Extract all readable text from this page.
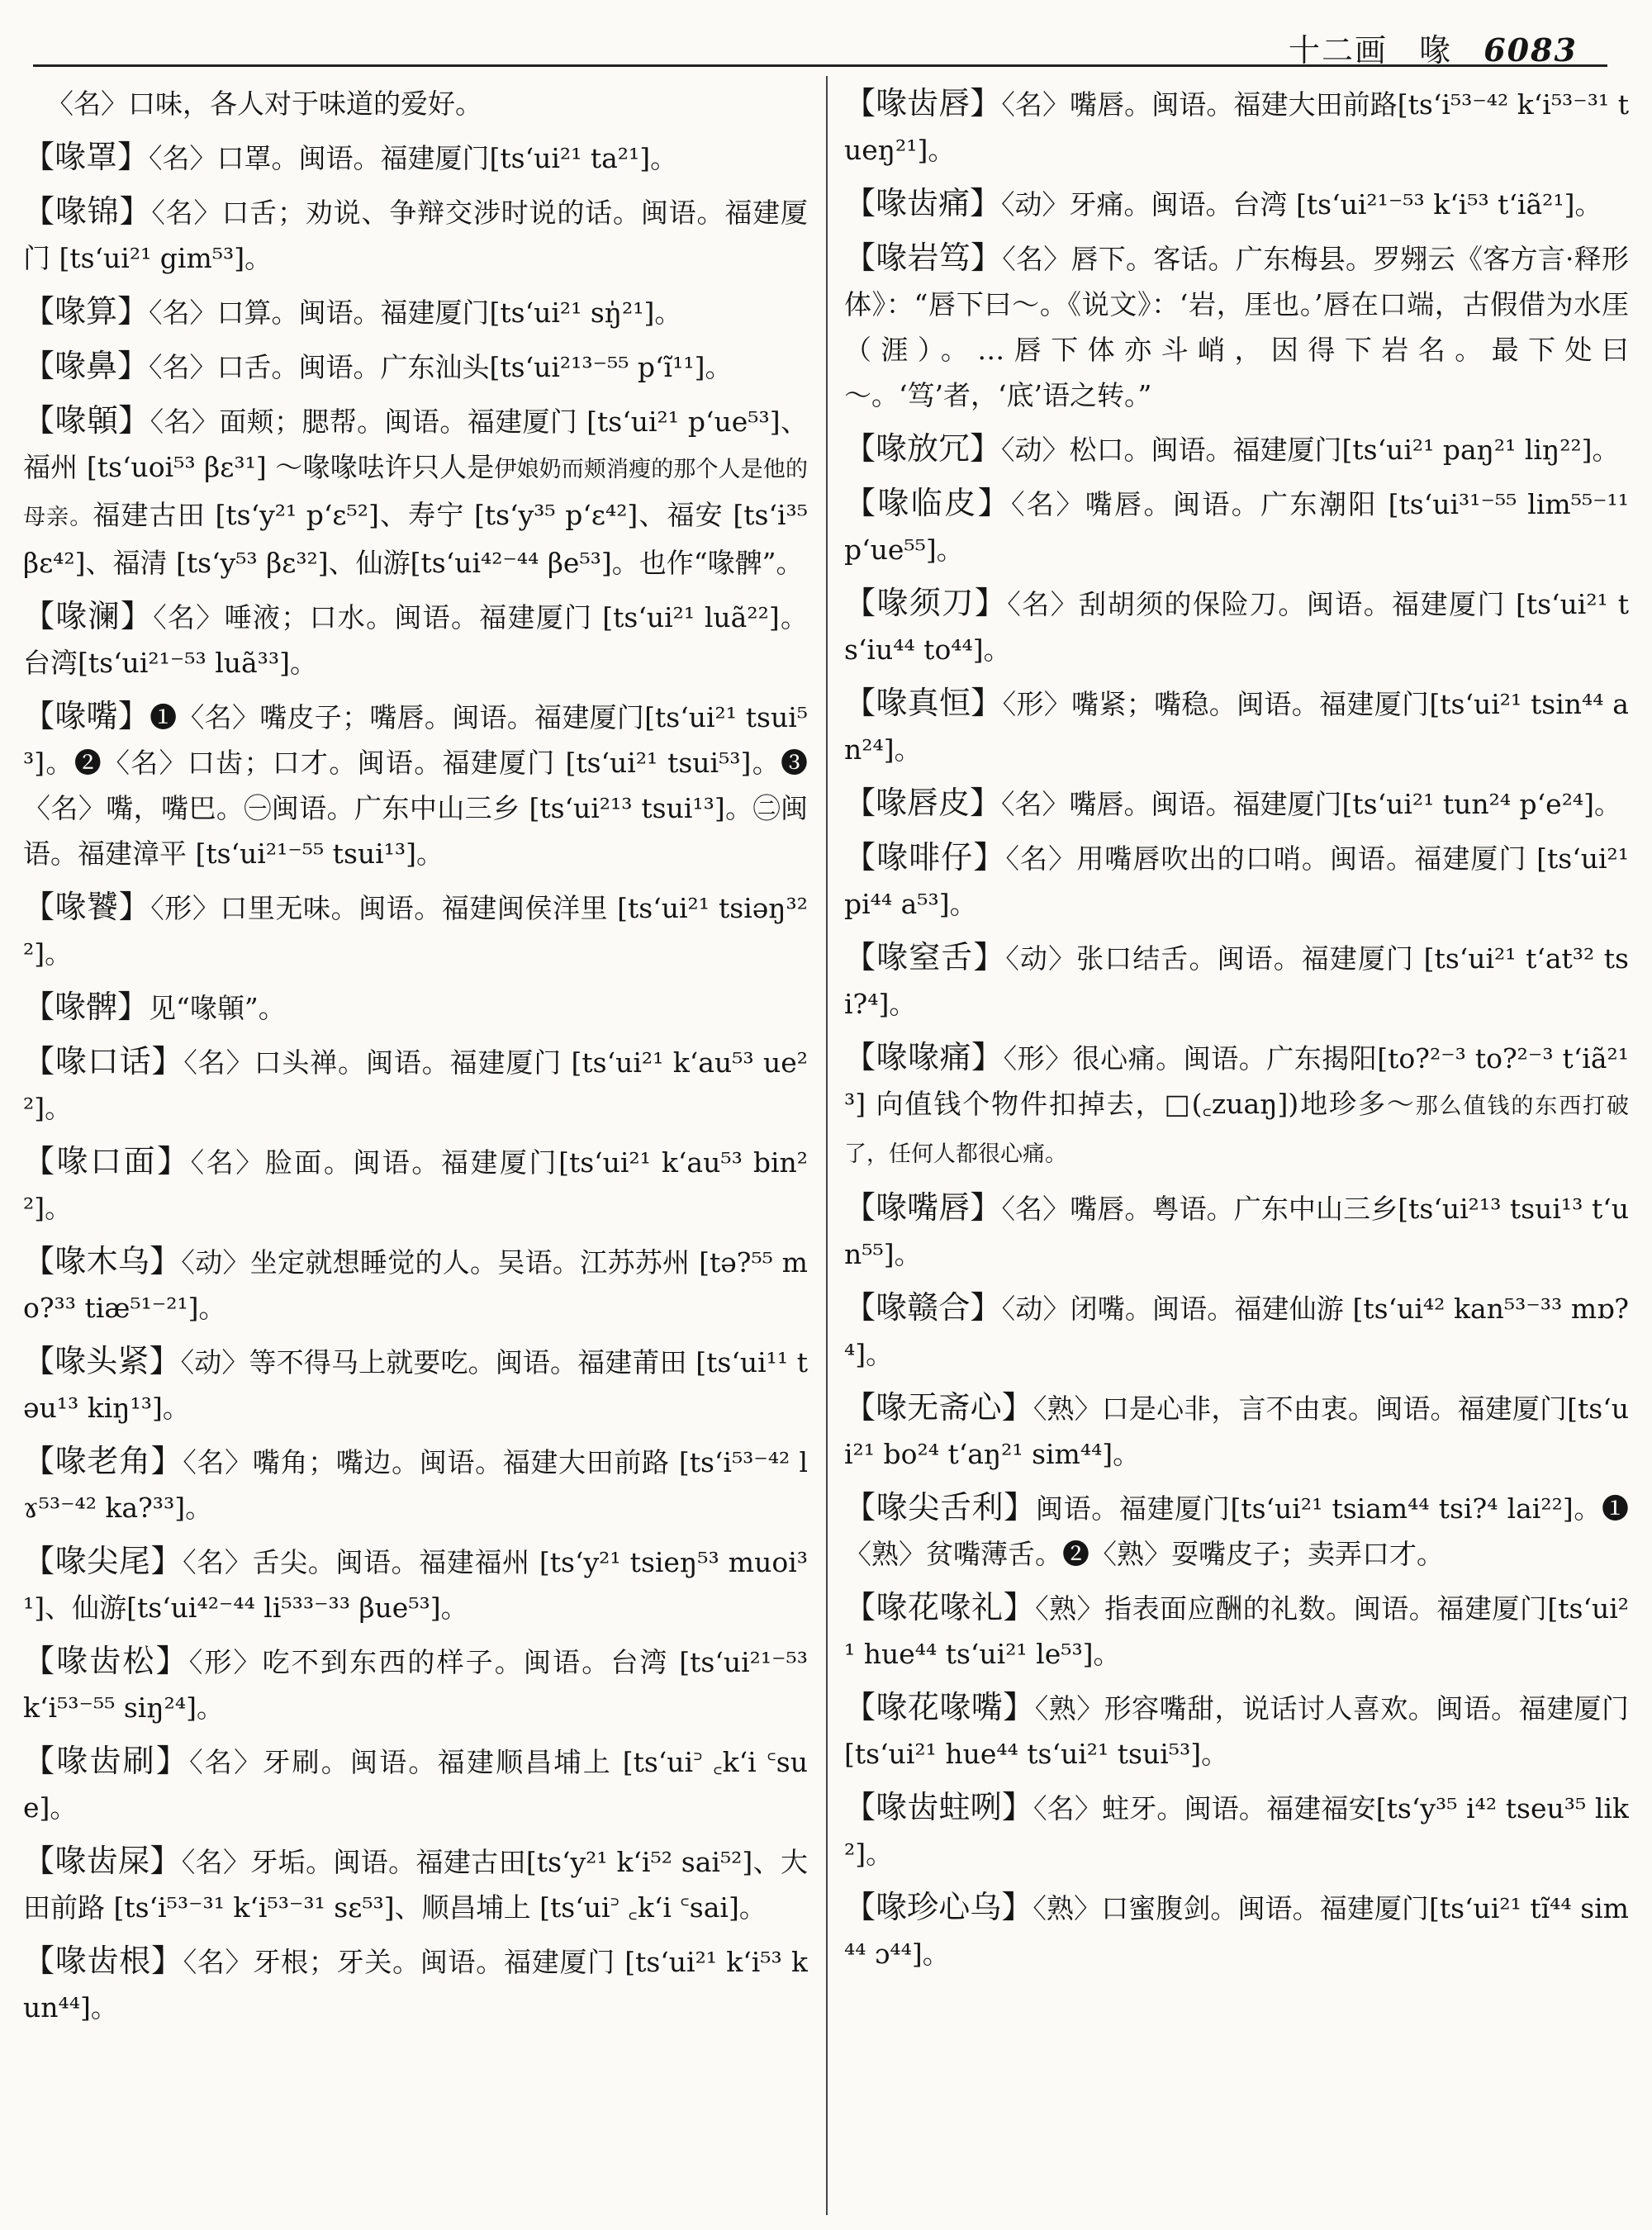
十二画 喙 6083

〈名〉口味，各人对于味道的爱好。

【喙罩】〈名〉口罩。闽语。福建厦门[ts‘ui²¹ ta²¹]。

【喙锦】〈名〉口舌；劝说、争辩交涉时说的话。闽语。福建厦门 [ts‘ui²¹ gim⁵³]。

【喙算】〈名〉口算。闽语。福建厦门[ts‘ui²¹ sŋ̍²¹]。

【喙鼻】〈名〉口舌。闽语。广东汕头[ts‘ui²¹³⁻⁵⁵ p‘ĩ¹¹]。

【喙顊】〈名〉面颊；腮帮。闽语。福建厦门 [ts‘ui²¹ p‘ue⁵³]、福州 [ts‘uoi⁵³ βɛ³¹] ～喙喙呿许只人是伊娘奶而颊消瘦的那个人是他的母亲。福建古田 [ts‘y²¹ p‘ɛ⁵²]、寿宁 [ts‘y³⁵ p‘ɛ⁴²]、福安 [ts‘i³⁵ βɛ⁴²]、福清 [ts‘y⁵³ βɛ³²]、仙游[ts‘ui⁴²⁻⁴⁴ βe⁵³]。也作“喙髀”。

【喙澜】〈名〉唾液；口水。闽语。福建厦门 [ts‘ui²¹ luã²²]。台湾[ts‘ui²¹⁻⁵³ luã³³]。

【喙嘴】❶〈名〉嘴皮子；嘴唇。闽语。福建厦门[ts‘ui²¹ tsui⁵³]。❷〈名〉口齿；口才。闽语。福建厦门 [ts‘ui²¹ tsui⁵³]。❸〈名〉嘴，嘴巴。㊀闽语。广东中山三乡 [ts‘ui²¹³ tsui¹³]。㊁闽语。福建漳平 [ts‘ui²¹⁻⁵⁵ tsui¹³]。

【喙饕】〈形〉口里无味。闽语。福建闽侯洋里 [ts‘ui²¹ tsiəŋ³²²]。

【喙髀】见“喙顊”。

【喙口话】〈名〉口头禅。闽语。福建厦门 [ts‘ui²¹ k‘au⁵³ ue²²]。

【喙口面】〈名〉脸面。闽语。福建厦门[ts‘ui²¹ k‘au⁵³ bin²²]。

【喙木乌】〈动〉坐定就想睡觉的人。吴语。江苏苏州 [tə?⁵⁵ mo?³³ tiæ⁵¹⁻²¹]。

【喙头紧】〈动〉等不得马上就要吃。闽语。福建莆田 [ts‘ui¹¹ təu¹³ kiŋ¹³]。

【喙老角】〈名〉嘴角；嘴边。闽语。福建大田前路 [ts‘i⁵³⁻⁴² lɤ⁵³⁻⁴² ka?³³]。

【喙尖尾】〈名〉舌尖。闽语。福建福州 [ts‘y²¹ tsieŋ⁵³ muoi³¹]、仙游[ts‘ui⁴²⁻⁴⁴ li⁵³³⁻³³ βue⁵³]。

【喙齿松】〈形〉吃不到东西的样子。闽语。台湾 [ts‘ui²¹⁻⁵³ k‘i⁵³⁻⁵⁵ siŋ²⁴]。

【喙齿刷】〈名〉牙刷。闽语。福建顺昌埔上 [ts‘ui꜄ ꜀k‘i ꜂sue]。

【喙齿屎】〈名〉牙垢。闽语。福建古田[ts‘y²¹ k‘i⁵² sai⁵²]、大田前路 [ts‘i⁵³⁻³¹ k‘i⁵³⁻³¹ sɛ⁵³]、顺昌埔上 [ts‘ui꜄ ꜀k‘i ꜂sai]。

【喙齿根】〈名〉牙根；牙关。闽语。福建厦门 [ts‘ui²¹ k‘i⁵³ kun⁴⁴]。

【喙齿唇】〈名〉嘴唇。闽语。福建大田前路[ts‘i⁵³⁻⁴² k‘i⁵³⁻³¹ tueŋ²¹]。

【喙齿痛】〈动〉牙痛。闽语。台湾 [ts‘ui²¹⁻⁵³ k‘i⁵³ t‘iã²¹]。

【喙岩笃】〈名〉唇下。客话。广东梅县。罗翙云《客方言·释形体》：“唇下曰～。《说文》：‘岩，厓也。’唇在口端，古假借为水厓（涯）。…唇下体亦斗峭，因得下岩名。最下处曰～。‘笃’者，‘底’语之转。”

【喙放冗】〈动〉松口。闽语。福建厦门[ts‘ui²¹ paŋ²¹ liŋ²²]。

【喙临皮】〈名〉嘴唇。闽语。广东潮阳 [ts‘ui³¹⁻⁵⁵ lim⁵⁵⁻¹¹ p‘ue⁵⁵]。

【喙须刀】〈名〉刮胡须的保险刀。闽语。福建厦门 [ts‘ui²¹ ts‘iu⁴⁴ to⁴⁴]。

【喙真恒】〈形〉嘴紧；嘴稳。闽语。福建厦门[ts‘ui²¹ tsin⁴⁴ an²⁴]。

【喙唇皮】〈名〉嘴唇。闽语。福建厦门[ts‘ui²¹ tun²⁴ p‘e²⁴]。

【喙啡仔】〈名〉用嘴唇吹出的口哨。闽语。福建厦门 [ts‘ui²¹ pi⁴⁴ a⁵³]。

【喙窒舌】〈动〉张口结舌。闽语。福建厦门 [ts‘ui²¹ t‘at³² tsi?⁴]。

【喙喙痛】〈形〉很心痛。闽语。广东揭阳[to?²⁻³ to?²⁻³ t‘iã²¹³] 向值钱个物件扣掉去，□(꜀zuaŋ])地珍多～那么值钱的东西打破了，任何人都很心痛。

【喙嘴唇】〈名〉嘴唇。粤语。广东中山三乡[ts‘ui²¹³ tsui¹³ t‘un⁵⁵]。

【喙赣合】〈动〉闭嘴。闽语。福建仙游 [ts‘ui⁴² kan⁵³⁻³³ mɒ?⁴]。

【喙无斋心】〈熟〉口是心非，言不由衷。闽语。福建厦门[ts‘ui²¹ bo²⁴ t‘aŋ²¹ sim⁴⁴]。

【喙尖舌利】闽语。福建厦门[ts‘ui²¹ tsiam⁴⁴ tsi?⁴ lai²²]。❶〈熟〉贫嘴薄舌。❷〈熟〉耍嘴皮子；卖弄口才。

【喙花喙礼】〈熟〉指表面应酬的礼数。闽语。福建厦门[ts‘ui²¹ hue⁴⁴ ts‘ui²¹ le⁵³]。

【喙花喙嘴】〈熟〉形容嘴甜，说话讨人喜欢。闽语。福建厦门[ts‘ui²¹ hue⁴⁴ ts‘ui²¹ tsui⁵³]。

【喙齿蛀咧】〈名〉蛀牙。闽语。福建福安[ts‘y³⁵ i⁴² tseu³⁵ lik²]。

【喙珍心乌】〈熟〉口蜜腹剑。闽语。福建厦门[ts‘ui²¹ tĩ⁴⁴ sim⁴⁴ ɔ⁴⁴]。
